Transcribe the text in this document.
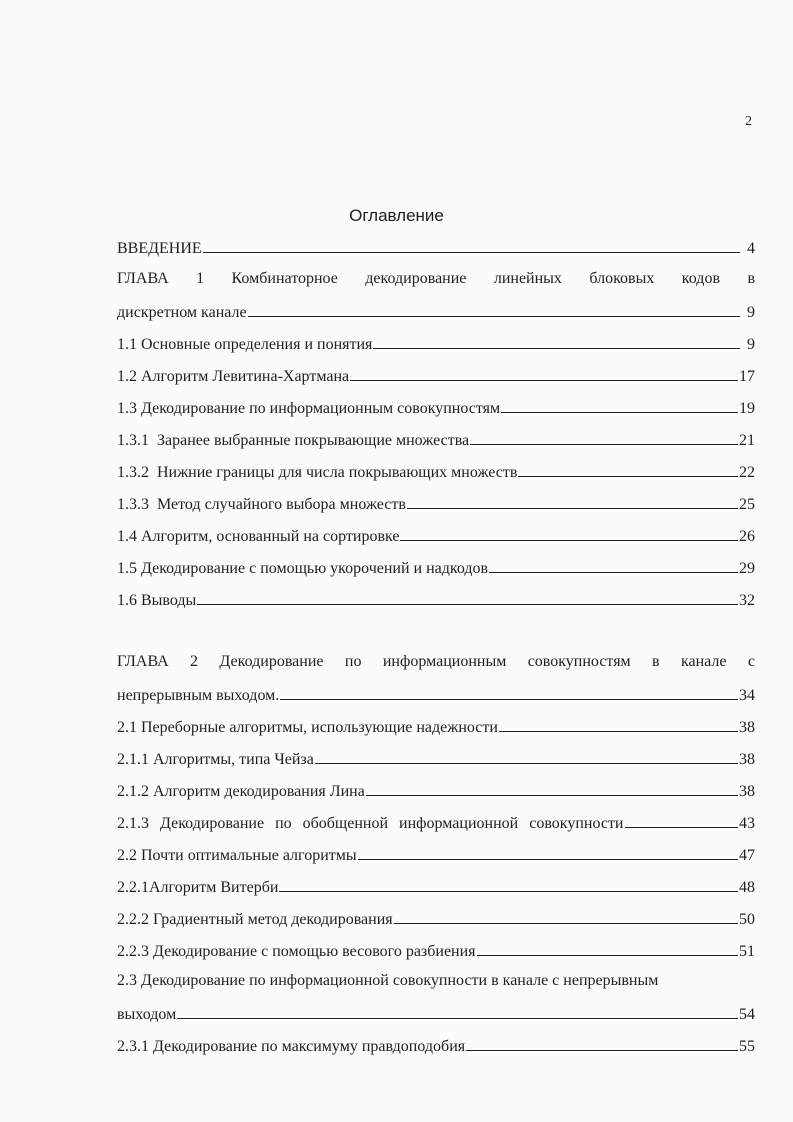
2
Оглавление
ВВЕДЕНИЕ	4
ГЛАВА 1 Комбинаторное декодирование линейных блоковых кодов в
дискретном канале	9
1.1 Основные определения и понятия	9
1.2 Алгоритм Левитина-Хартмана	17
1.3 Декодирование по информационным совокупностям	19
1.3.1 Заранее выбранные покрывающие множества	21
1.3.2 Нижние границы для числа покрывающих множеств	22
1.3.3 Метод случайного выбора множеств	25
1.4 Алгоритм, основанный на сортировке	26
1.5 Декодирование с помощью укорочений и надкодов	29
1.6 Выводы	32
ГЛАВА 2 Декодирование по информационным совокупностям в канале с
непрерывным выходом.	34
2.1 Переборные алгоритмы, использующие надежности	38
2.1.1 Алгоритмы, типа Чейза	38
2.1.2 Алгоритм декодирования Лина	38
2.1.3 Декодирование по обобщенной информационной совокупности	43
2.2 Почти оптимальные алгоритмы	47
2.2.1Алгоритм Витерби	48
2.2.2 Градиентный метод декодирования	50
2.2.3 Декодирование с помощью весового разбиения	51
2.3 Декодирование по информационной совокупности в канале с непрерывным
выходом	54
2.3.1 Декодирование по максимуму правдоподобия	55
